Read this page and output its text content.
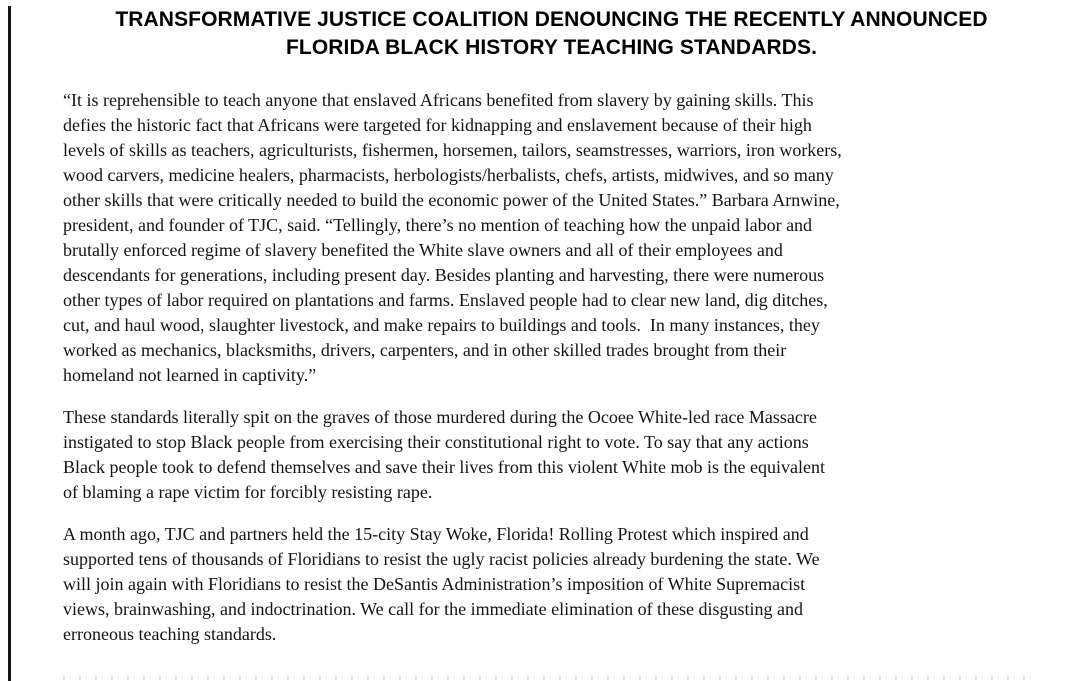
TRANSFORMATIVE JUSTICE COALITION DENOUNCING THE RECENTLY ANNOUNCED
FLORIDA BLACK HISTORY TEACHING STANDARDS.
“It is reprehensible to teach anyone that enslaved Africans benefited from slavery by gaining skills. This
defies the historic fact that Africans were targeted for kidnapping and enslavement because of their high
levels of skills as teachers, agriculturists, fishermen, horsemen, tailors, seamstresses, warriors, iron workers,
wood carvers, medicine healers, pharmacists, herbologists/herbalists, chefs, artists, midwives, and so many
other skills that were critically needed to build the economic power of the United States.” Barbara Arnwine,
president, and founder of TJC, said. “Tellingly, there’s no mention of teaching how the unpaid labor and
brutally enforced regime of slavery benefited the White slave owners and all of their employees and
descendants for generations, including present day. Besides planting and harvesting, there were numerous
other types of labor required on plantations and farms. Enslaved people had to clear new land, dig ditches,
cut, and haul wood, slaughter livestock, and make repairs to buildings and tools.  In many instances, they
worked as mechanics, blacksmiths, drivers, carpenters, and in other skilled trades brought from their
homeland not learned in captivity.”
These standards literally spit on the graves of those murdered during the Ocoee White-led race Massacre
instigated to stop Black people from exercising their constitutional right to vote. To say that any actions
Black people took to defend themselves and save their lives from this violent White mob is the equivalent
of blaming a rape victim for forcibly resisting rape.
A month ago, TJC and partners held the 15-city Stay Woke, Florida! Rolling Protest which inspired and
supported tens of thousands of Floridians to resist the ugly racist policies already burdening the state. We
will join again with Floridians to resist the DeSantis Administration’s imposition of White Supremacist
views, brainwashing, and indoctrination. We call for the immediate elimination of these disgusting and
erroneous teaching standards.
